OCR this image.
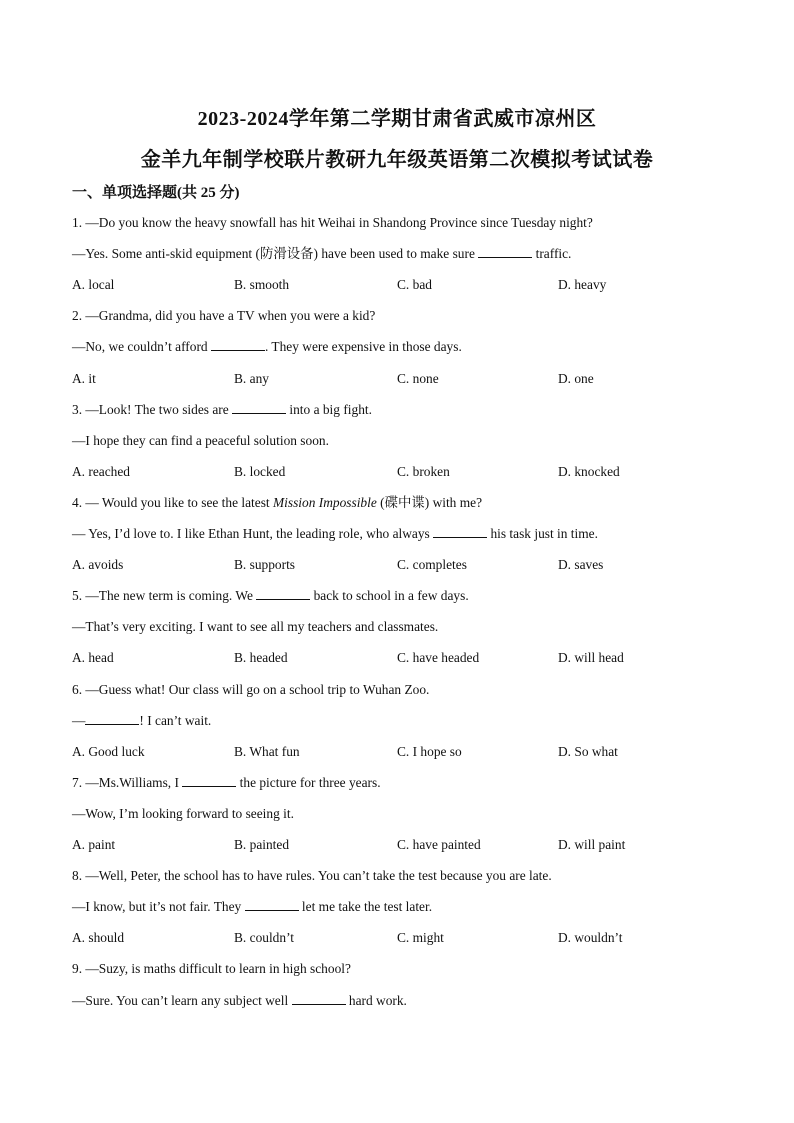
2023-2024学年第二学期甘肃省武威市凉州区
金羊九年制学校联片教研九年级英语第二次模拟考试试卷
一、单项选择题(共 25 分)
1. —Do you know the heavy snowfall has hit Weihai in Shandong Province since Tuesday night?
—Yes. Some anti-skid equipment (防滑设备) have been used to make sure	traffic.
A. local	B. smooth	C. bad	D. heavy
2. —Grandma, did you have a TV when you were a kid?
—No, we couldn’t afford	. They were expensive in those days.
A. it	B. any	C. none	D. one
3. —Look! The two sides are	into a big fight.
—I hope they can find a peaceful solution soon.
A. reached	B. locked	C. broken	D. knocked
4. — Would you like to see the latest Mission Impossible (碟中谍) with me?
— Yes, I’d love to. I like Ethan Hunt, the leading role, who always	his task just in time.
A. avoids	B. supports	C. completes	D. saves
5. —The new term is coming. We	back to school in a few days.
—That’s very exciting. I want to see all my teachers and classmates.
A. head	B. headed	C. have headed	D. will head
6. —Guess what! Our class will go on a school trip to Wuhan Zoo.
—	! I can’t wait.
A. Good luck	B. What fun	C. I hope so	D. So what
7. —Ms.Williams, I	the picture for three years.
—Wow, I’m looking forward to seeing it.
A. paint	B. painted	C. have painted	D. will paint
8. —Well, Peter, the school has to have rules. You can’t take the test because you are late.
—I know, but it’s not fair. They	let me take the test later.
A. should	B. couldn’t	C. might	D. wouldn’t
9. —Suzy, is maths difficult to learn in high school?
—Sure. You can’t learn any subject well	hard work.
